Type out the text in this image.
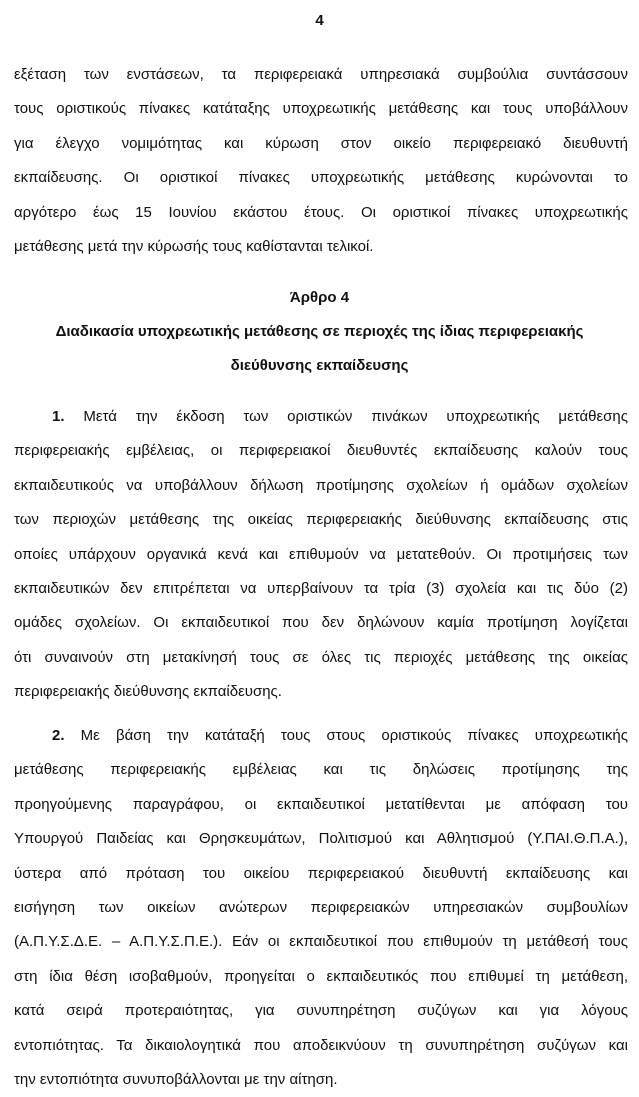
4
εξέταση των ενστάσεων, τα περιφερειακά υπηρεσιακά συμβούλια συντάσσουν
τους οριστικούς πίνακες κατάταξης υποχρεωτικής μετάθεσης και τους υποβάλλουν
για έλεγχο νομιμότητας και κύρωση στον οικείο περιφερειακό διευθυντή
εκπαίδευσης. Οι οριστικοί πίνακες υποχρεωτικής μετάθεσης κυρώνονται το
αργότερο έως 15 Ιουνίου εκάστου έτους. Οι οριστικοί πίνακες υποχρεωτικής
μετάθεσης μετά την κύρωσής τους καθίστανται τελικοί.
Άρθρο 4
Διαδικασία υποχρεωτικής μετάθεσης σε περιοχές της ίδιας περιφερειακής
διεύθυνσης εκπαίδευσης
1. Μετά την έκδοση των οριστικών πινάκων υποχρεωτικής μετάθεσης
περιφερειακής εμβέλειας, οι περιφερειακοί διευθυντές εκπαίδευσης καλούν τους
εκπαιδευτικούς να υποβάλλουν δήλωση προτίμησης σχολείων ή ομάδων σχολείων
των περιοχών μετάθεσης της οικείας περιφερειακής διεύθυνσης εκπαίδευσης στις
οποίες υπάρχουν οργανικά κενά και επιθυμούν να μετατεθούν. Οι προτιμήσεις των
εκπαιδευτικών δεν επιτρέπεται να υπερβαίνουν τα τρία (3) σχολεία και τις δύο (2)
ομάδες σχολείων. Οι εκπαιδευτικοί που δεν δηλώνουν καμία προτίμηση λογίζεται
ότι συναινούν στη μετακίνησή τους σε όλες τις περιοχές μετάθεσης της οικείας
περιφερειακής διεύθυνσης εκπαίδευσης.
2. Με βάση την κατάταξή τους στους οριστικούς πίνακες υποχρεωτικής
μετάθεσης περιφερειακής εμβέλειας και τις δηλώσεις προτίμησης της
προηγούμενης παραγράφου, οι εκπαιδευτικοί μετατίθενται με απόφαση του
Υπουργού Παιδείας και Θρησκευμάτων, Πολιτισμού και Αθλητισμού (Υ.ΠΑΙ.Θ.Π.Α.),
ύστερα από πρόταση του οικείου περιφερειακού διευθυντή εκπαίδευσης και
εισήγηση των οικείων ανώτερων περιφερειακών υπηρεσιακών συμβουλίων
(Α.Π.Υ.Σ.Δ.Ε. – Α.Π.Υ.Σ.Π.Ε.). Εάν οι εκπαιδευτικοί που επιθυμούν τη μετάθεσή τους
στη ίδια θέση ισοβαθμούν, προηγείται ο εκπαιδευτικός που επιθυμεί τη μετάθεση,
κατά σειρά προτεραιότητας, για συνυπηρέτηση συζύγων και για λόγους
εντοπιότητας. Τα δικαιολογητικά που αποδεικνύουν τη συνυπηρέτηση συζύγων και
την εντοπιότητα συνυποβάλλονται με την αίτηση.
